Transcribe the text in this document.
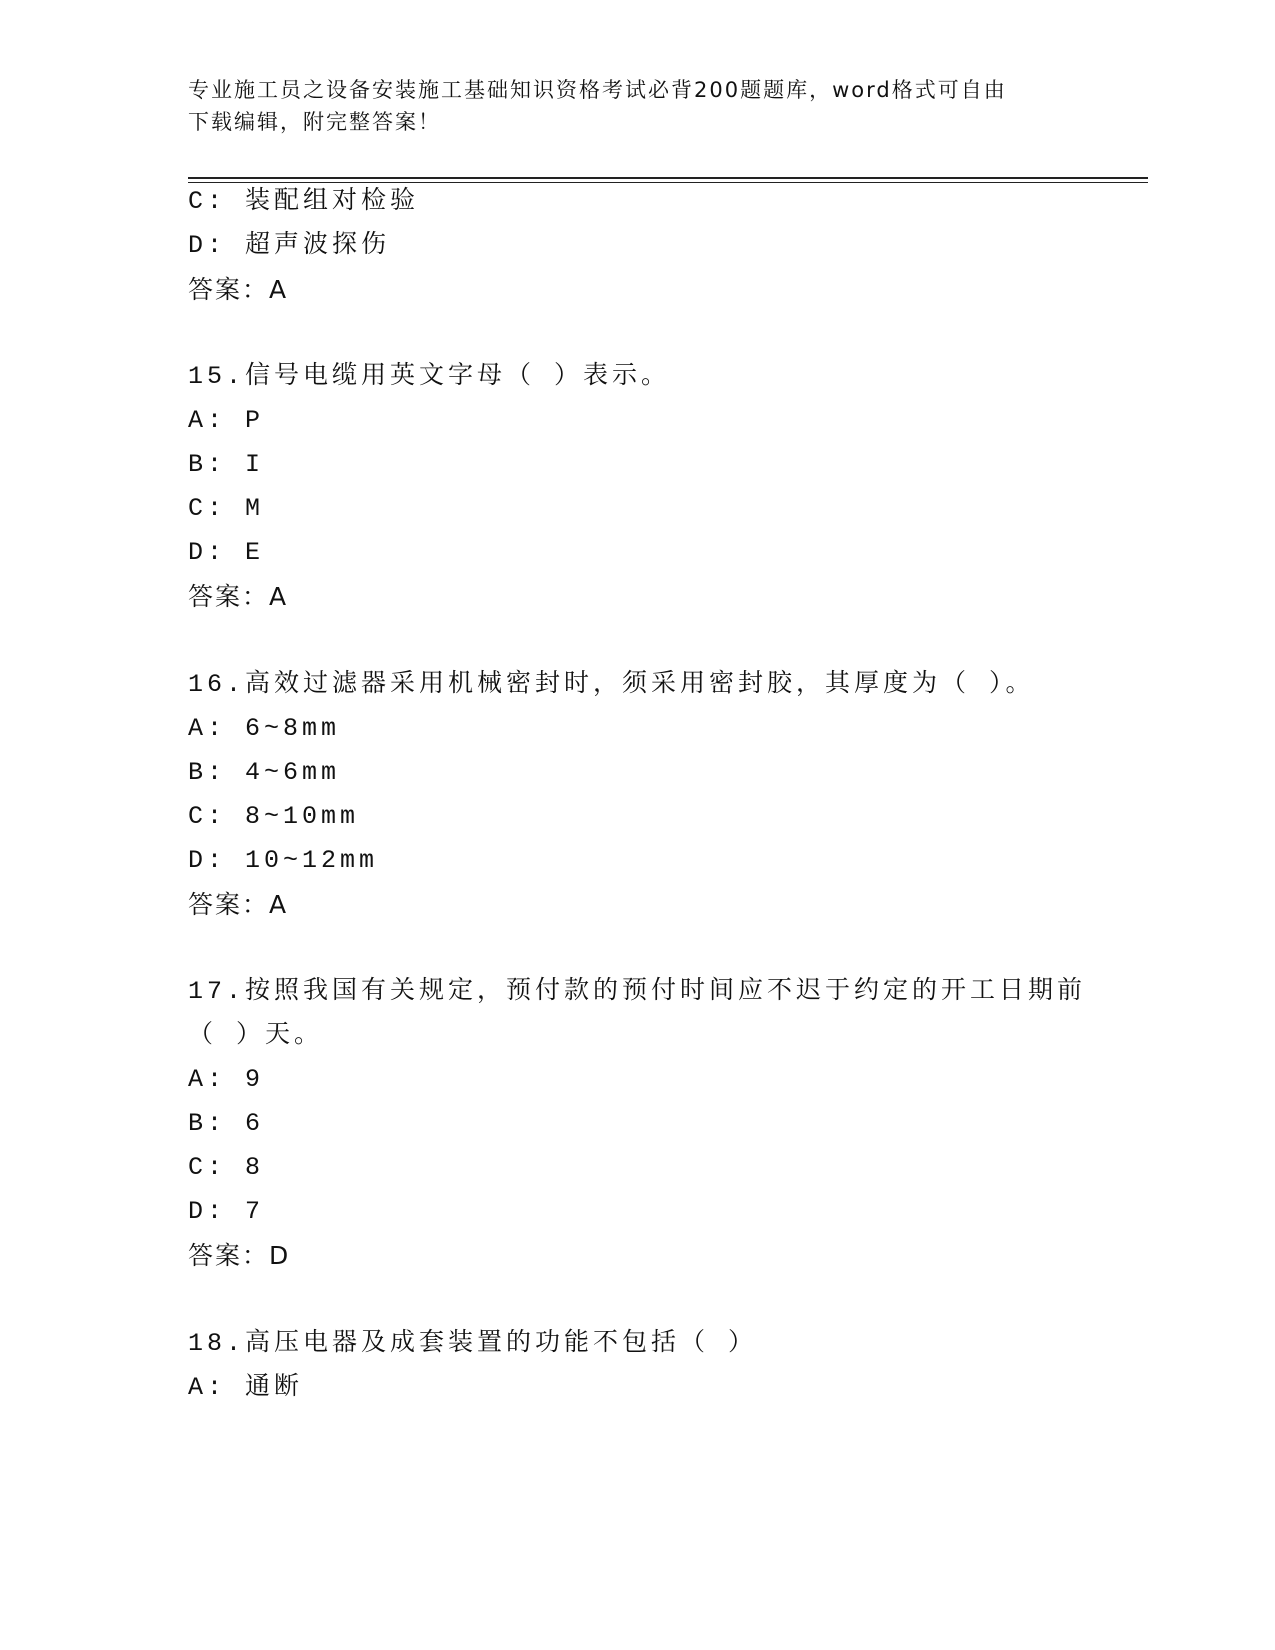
专业施工员之设备安装施工基础知识资格考试必背200题题库，word格式可自由
下载编辑，附完整答案！
C: 装配组对检验
D: 超声波探伤
答案：A
15.信号电缆用英文字母（ ）表示。
A: P
B: I
C: M
D: E
答案：A
16.高效过滤器采用机械密封时，须采用密封胶，其厚度为（ ）。
A: 6~8mm
B: 4~6mm
C: 8~10mm
D: 10~12mm
答案：A
17.按照我国有关规定，预付款的预付时间应不迟于约定的开工日期前
（ ）天。
A: 9
B: 6
C: 8
D: 7
答案：D
18.高压电器及成套装置的功能不包括（ ）
A: 通断
